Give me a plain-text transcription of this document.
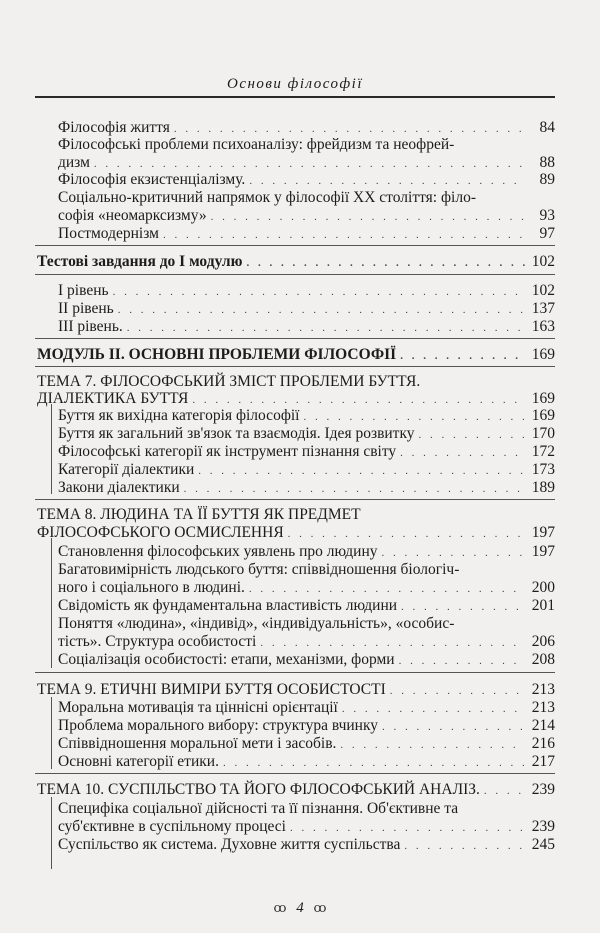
Основи філософії
Філософія життя . . .	84
Філософські проблеми психоаналізу: фрейдизм та неофрей-
дизм . . .	88
Філософія екзистенціалізму. . . .	89
Соціально-критичний напрямок у філософії XX століття: філо-
софія «неомарксизму» . . .	93
Постмодернізм . . .	97
Тестові завдання до I модулю . . .	102
I рівень . . .	102
II рівень . . .	137
III рівень. . . .	163
МОДУЛЬ ІІ. ОСНОВНІ ПРОБЛЕМИ ФІЛОСОФІЇ . . .	169
ТЕМА 7. ФІЛОСОФСЬКИЙ ЗМІСТ ПРОБЛЕМИ БУТТЯ.
ДІАЛЕКТИКА БУТТЯ . . .	169
Буття як вихідна категорія філософії . . .	169
Буття як загальний зв'язок та взаємодія. Ідея розвитку . . .	170
Філософські категорії як інструмент пізнання світу . . .	172
Категорії діалектики . . .	173
Закони діалектики . . .	189
ТЕМА 8. ЛЮДИНА ТА ЇЇ БУТТЯ ЯК ПРЕДМЕТ
ФІЛОСОФСЬКОГО ОСМИСЛЕННЯ . . .	197
Становлення філософських уявлень про людину . . .	197
Багатовимірність людського буття: співвідношення біологіч-
ного і соціального в людині. . . .	200
Свідомість як фундаментальна властивість людини . . .	201
Поняття «людина», «індивід», «індивідуальність», «особис-
тість». Структура особистості . . .	206
Соціалізація особистості: етапи, механізми, форми . . .	208
ТЕМА 9. ЕТИЧНІ ВИМІРИ БУТТЯ ОСОБИСТОСТІ . . .	213
Моральна мотивація та ціннісні орієнтації . . .	213
Проблема морального вибору: структура вчинку . . .	214
Співвідношення моральної мети і засобів. . . .	216
Основні категорії етики. . . .	217
ТЕМА 10. СУСПІЛЬСТВО ТА ЙОГО ФІЛОСОФСЬКИЙ АНАЛІЗ. . . .	239
Специфіка соціальної дійсності та її пізнання. Об'єктивне та
суб'єктивне в суспільному процесі . . .	239
Суспільство як система. Духовне життя суспільства . . .	245
ꝏ 4 ꝏ
